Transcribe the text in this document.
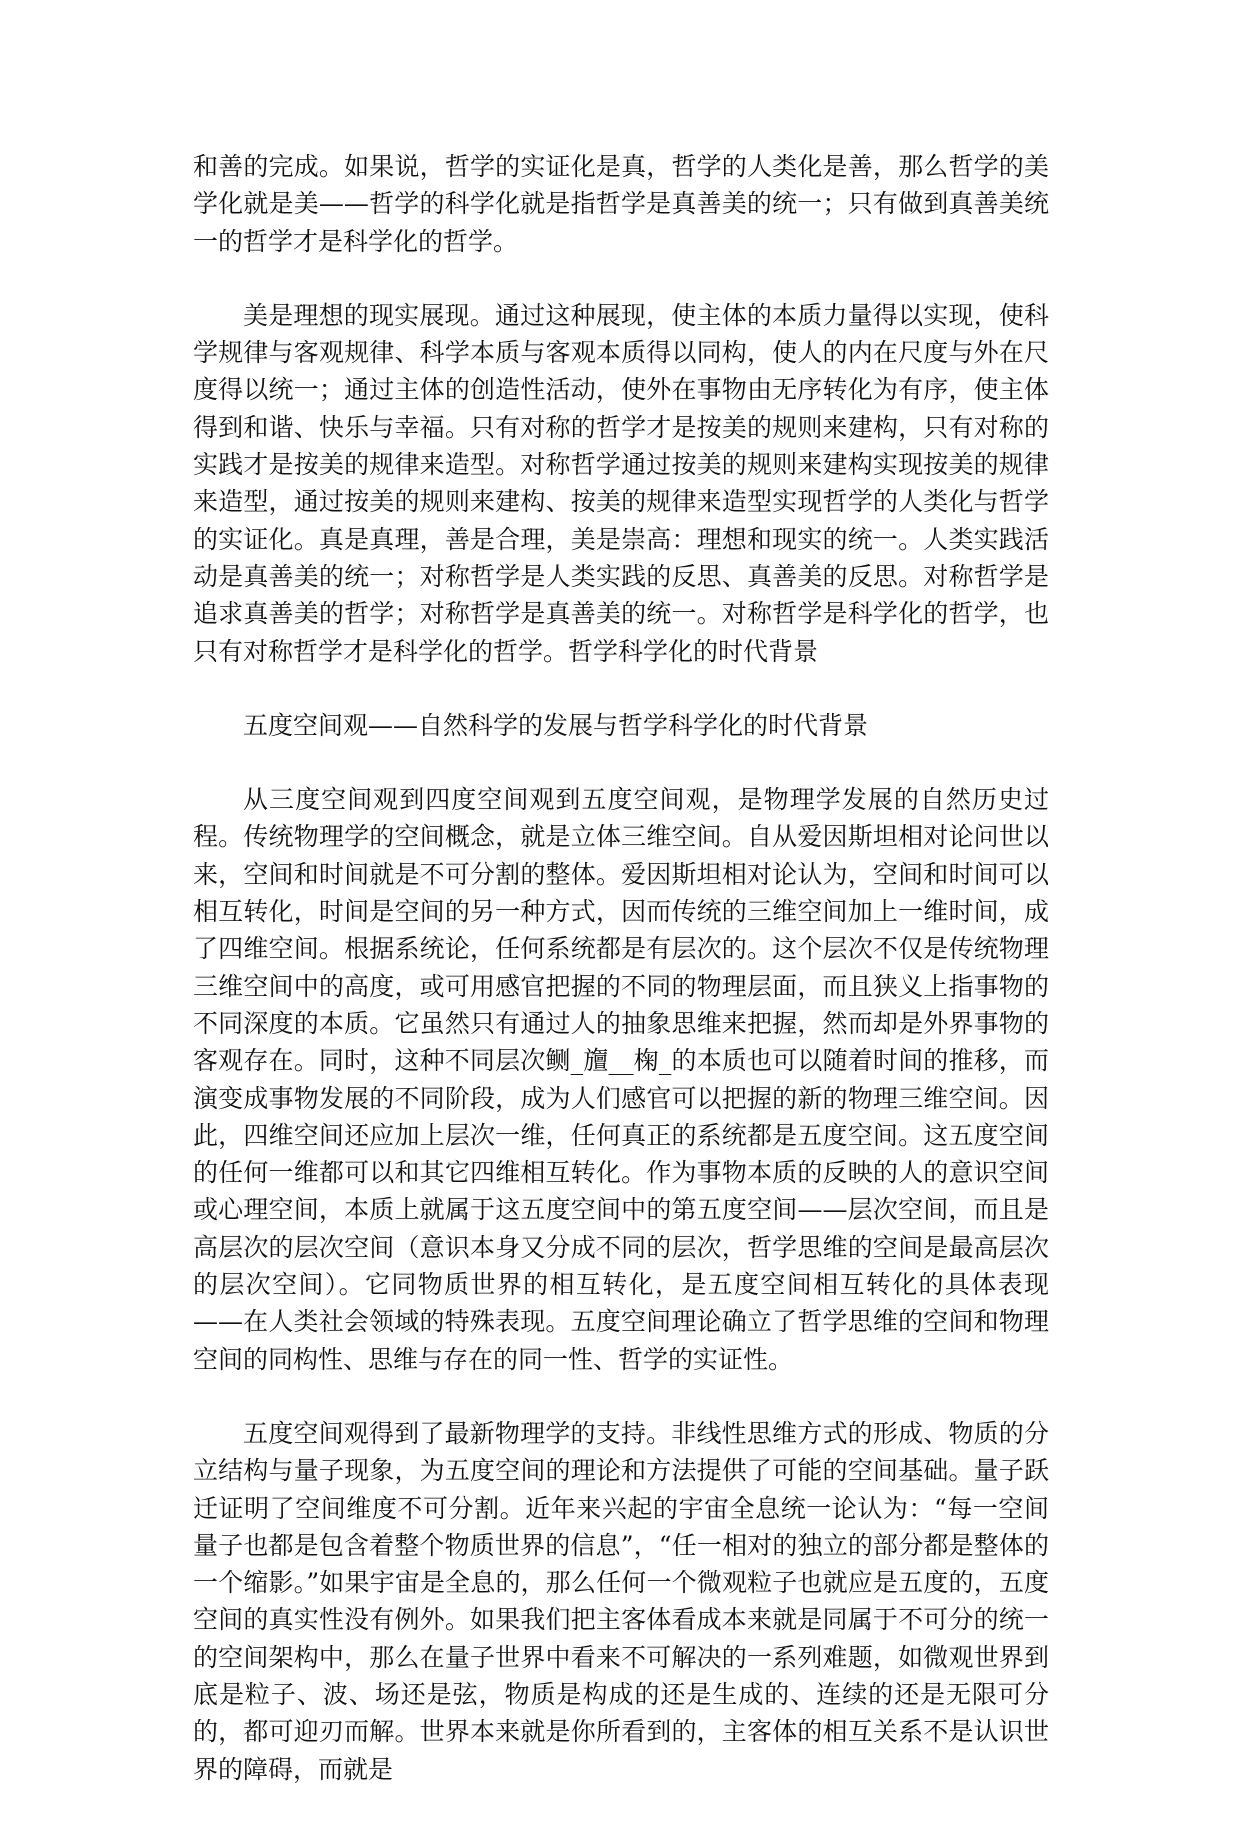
和善的完成。如果说，哲学的实证化是真，哲学的人类化是善，那么哲学的美学化就是美——哲学的科学化就是指哲学是真善美的统一；只有做到真善美统一的哲学才是科学化的哲学。

美是理想的现实展现。通过这种展现，使主体的本质力量得以实现，使科学规律与客观规律、科学本质与客观本质得以同构，使人的内在尺度与外在尺度得以统一；通过主体的创造性活动，使外在事物由无序转化为有序，使主体得到和谐、快乐与幸福。只有对称的哲学才是按美的规则来建构，只有对称的实践才是按美的规律来造型。对称哲学通过按美的规则来建构实现按美的规律来造型，通过按美的规则来建构、按美的规律来造型实现哲学的人类化与哲学的实证化。真是真理，善是合理，美是崇高：理想和现实的统一。人类实践活动是真善美的统一；对称哲学是人类实践的反思、真善美的反思。对称哲学是追求真善美的哲学；对称哲学是真善美的统一。对称哲学是科学化的哲学，也只有对称哲学才是科学化的哲学。哲学科学化的时代背景

五度空间观——自然科学的发展与哲学科学化的时代背景

从三度空间观到四度空间观到五度空间观，是物理学发展的自然历史过程。传统物理学的空间概念，就是立体三维空间。自从爱因斯坦相对论问世以来，空间和时间就是不可分割的整体。爱因斯坦相对论认为，空间和时间可以相互转化，时间是空间的另一种方式，因而传统的三维空间加上一维时间，成了四维空间。根据系统论，任何系统都是有层次的。这个层次不仅是传统物理三维空间中的高度，或可用感官把握的不同的物理层面，而且狭义上指事物的不同深度的本质。它虽然只有通过人的抽象思维来把握，然而却是外界事物的客观存在。同时，这种不同层次鲗_旜__椈_的本质也可以随着时间的推移，而演变成事物发展的不同阶段，成为人们感官可以把握的新的物理三维空间。因此，四维空间还应加上层次一维，任何真正的系统都是五度空间。这五度空间的任何一维都可以和其它四维相互转化。作为事物本质的反映的人的意识空间或心理空间，本质上就属于这五度空间中的第五度空间——层次空间，而且是高层次的层次空间（意识本身又分成不同的层次，哲学思维的空间是最高层次的层次空间）。它同物质世界的相互转化，是五度空间相互转化的具体表现——在人类社会领域的特殊表现。五度空间理论确立了哲学思维的空间和物理空间的同构性、思维与存在的同一性、哲学的实证性。

五度空间观得到了最新物理学的支持。非线性思维方式的形成、物质的分立结构与量子现象，为五度空间的理论和方法提供了可能的空间基础。量子跃迁证明了空间维度不可分割。近年来兴起的宇宙全息统一论认为：“每一空间量子也都是包含着整个物质世界的信息”，“任一相对的独立的部分都是整体的一个缩影。”如果宇宙是全息的，那么任何一个微观粒子也就应是五度的，五度空间的真实性没有例外。如果我们把主客体看成本来就是同属于不可分的统一的空间架构中，那么在量子世界中看来不可解决的一系列难题，如微观世界到底是粒子、波、场还是弦，物质是构成的还是生成的、连续的还是无限可分的，都可迎刃而解。世界本来就是你所看到的，主客体的相互关系不是认识世界的障碍，而就是
